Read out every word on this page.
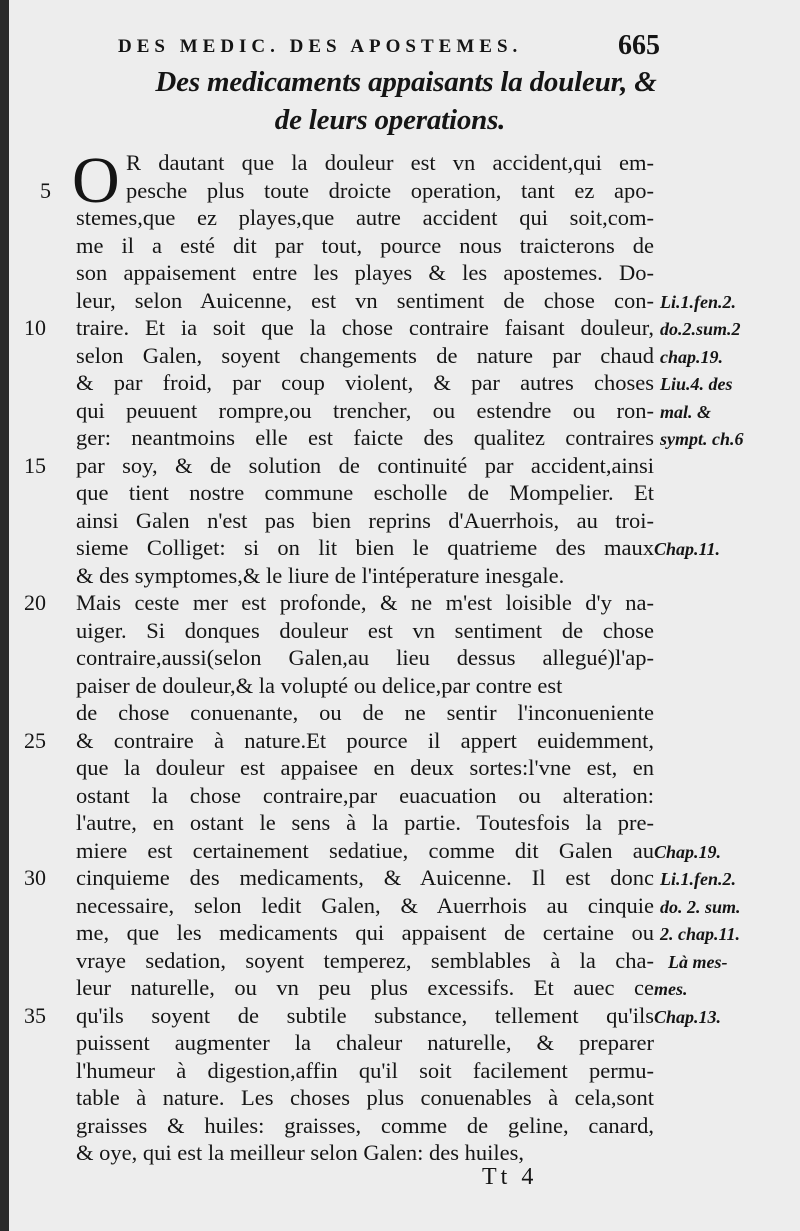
DES MEDIC. DES APOSTEMES.	665
Des medicaments appaisants la douleur, &
de leurs operations.
O
5
10
15
20
25
30
35
Li.1.fen.2.
do.2.sum.2
chap.19.
Liu.4. des
mal. &
sympt. ch.6
Chap.11.
Chap.19.
Li.1.fen.2.
do. 2. sum.
2. chap.11.
Là mes-
mes.
Chap.13.
Tt 4
R dautant que la douleur est vn accident,qui em-
pesche plus toute droicte operation, tant ez apo-
stemes,que ez playes,que autre accident qui soit,com-
me il a esté dit par tout, pource nous traicterons de
son appaisement entre les playes & les apostemes. Do-
leur, selon Auicenne, est vn sentiment de chose con-
traire. Et ia soit que la chose contraire faisant douleur,
selon Galen, soyent changements de nature par chaud
& par froid, par coup violent, & par autres choses
qui peuuent rompre,ou trencher, ou estendre ou ron-
ger: neantmoins elle est faicte des qualitez contraires
par soy, & de solution de continuité par accident,ainsi
que tient nostre commune eschollе de Mompelier. Et
ainsi Galen n'est pas bien reprins d'Auerrhois, au troi-
sieme Colliget: si on lit bien le quatrieme des maux
& des symptomes,& le liure de l'intéperature inesgale.
Mais ceste mer est profonde, & ne m'est loisible d'y na-
uiger. Si donques douleur est vn sentiment de chose
contraire,aussi(selon Galen,au lieu dessus allegué)l'ap-
paiser de douleur,& la volupté ou delice,par contre est
de chose conuenante, ou de ne sentir l'inconueniente
& contraire à nature.Et pource il appert euidemment,
que la douleur est appaisee en deux sortes:l'vne est, en
ostant la chose contraire,par euacuation ou alteration:
l'autre, en ostant le sens à la partie. Toutesfois la pre-
miere est certainement sedatiue, comme dit Galen au
cinquieme des medicaments, & Auicenne. Il est donc
necessaire, selon ledit Galen, & Auerrhois au cinquie
me, que les medicaments qui appaisent de certaine ou
vraye sedation, soyent temperez, semblables à la cha-
leur naturelle, ou vn peu plus excessifs. Et auec ce
qu'ils soyent de subtile substance, tellement qu'ils
puissent augmenter la chaleur naturelle, & preparer
l'humeur à digestion,affin qu'il soit facilement permu-
table à nature. Les choses plus conuenables à cela,sont
graisses & huiles: graisses, comme de geline, canard,
& oye, qui est la meilleur selon Galen: des huiles,
